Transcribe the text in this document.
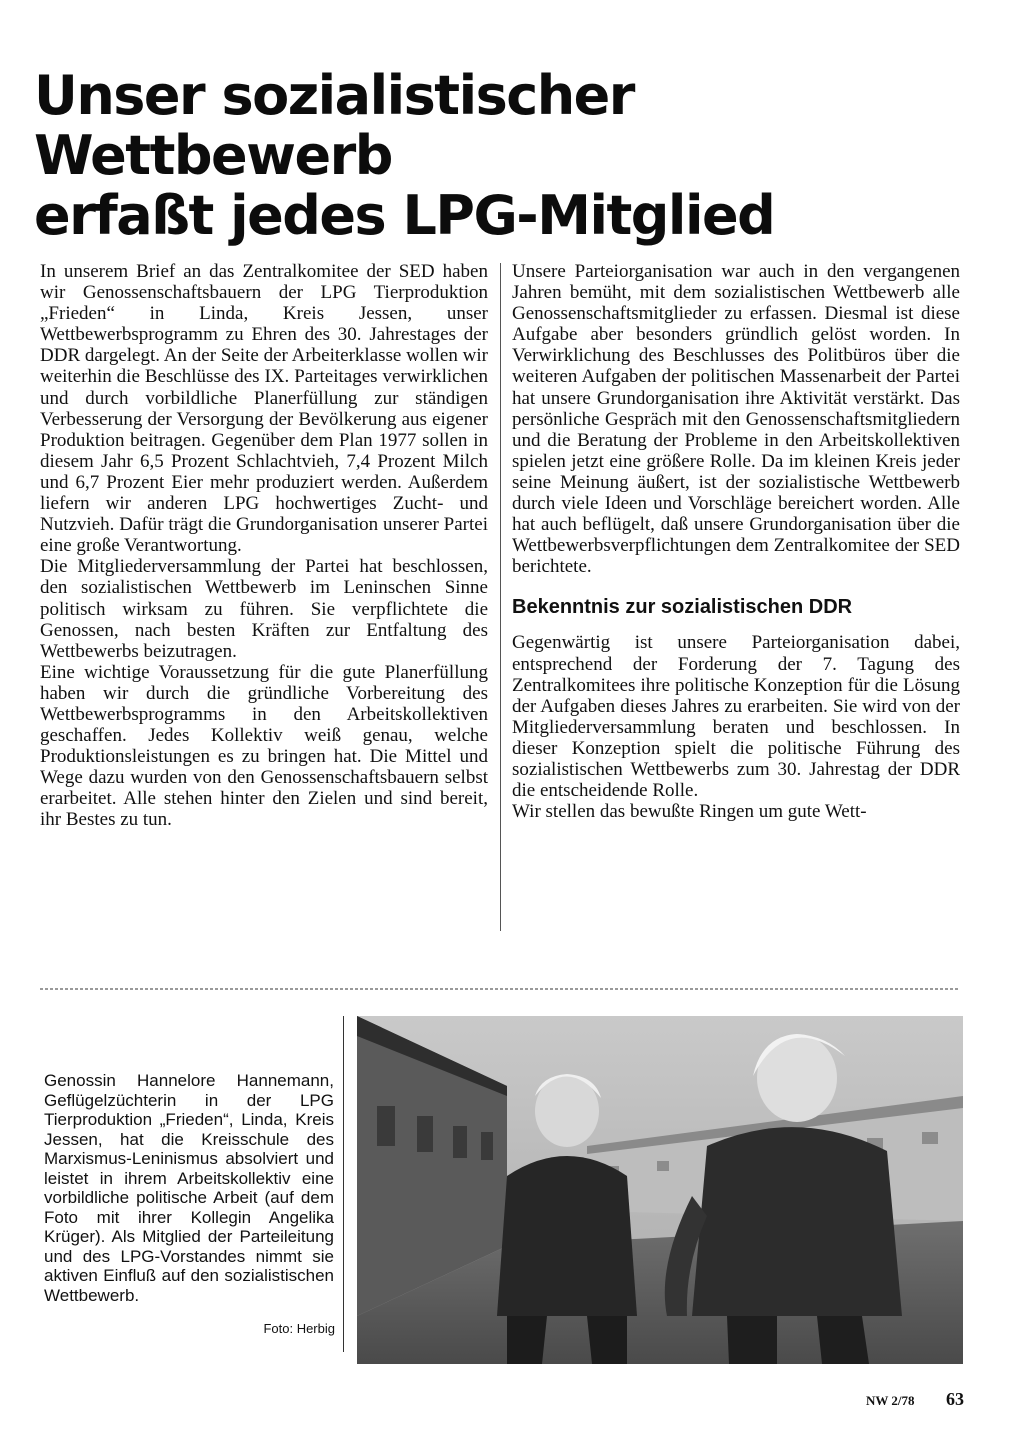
Unser sozialistischer Wettbewerb
erfaßt jedes LPG-Mitglied

In unserem Brief an das Zentralkomitee der SED haben wir Genossenschaftsbauern der LPG Tierproduktion „Frieden“ in Linda, Kreis Jessen, unser Wettbewerbsprogramm zu Ehren des 30. Jahrestages der DDR dargelegt. An der Seite der Arbeiterklasse wollen wir weiterhin die Beschlüsse des IX. Parteitages verwirklichen und durch vorbildliche Planerfüllung zur ständigen Verbesserung der Versorgung der Bevölkerung aus eigener Produktion beitragen. Gegenüber dem Plan 1977 sollen in diesem Jahr 6,5 Prozent Schlachtvieh, 7,4 Prozent Milch und 6,7 Prozent Eier mehr produziert werden. Außerdem liefern wir anderen LPG hochwertiges Zucht- und Nutzvieh. Dafür trägt die Grundorganisation unserer Partei eine große Verantwortung.

Die Mitgliederversammlung der Partei hat beschlossen, den sozialistischen Wettbewerb im Leninschen Sinne politisch wirksam zu führen. Sie verpflichtete die Genossen, nach besten Kräften zur Entfaltung des Wettbewerbs beizutragen.

Eine wichtige Voraussetzung für die gute Planerfüllung haben wir durch die gründliche Vorbereitung des Wettbewerbsprogramms in den Arbeitskollektiven geschaffen. Jedes Kollektiv weiß genau, welche Produktionsleistungen es zu bringen hat. Die Mittel und Wege dazu wurden von den Genossenschaftsbauern selbst erarbeitet. Alle stehen hinter den Zielen und sind bereit, ihr Bestes zu tun.

Unsere Parteiorganisation war auch in den vergangenen Jahren bemüht, mit dem sozialistischen Wettbewerb alle Genossenschaftsmitglieder zu erfassen. Diesmal ist diese Aufgabe aber besonders gründlich gelöst worden. In Verwirklichung des Beschlusses des Politbüros über die weiteren Aufgaben der politischen Massenarbeit der Partei hat unsere Grundorganisation ihre Aktivität verstärkt. Das persönliche Gespräch mit den Genossenschaftsmitgliedern und die Beratung der Probleme in den Arbeitskollektiven spielen jetzt eine größere Rolle. Da im kleinen Kreis jeder seine Meinung äußert, ist der sozialistische Wettbewerb durch viele Ideen und Vorschläge bereichert worden. Alle hat auch beflügelt, daß unsere Grundorganisation über die Wettbewerbsverpflichtungen dem Zentralkomitee der SED berichtete.

Bekenntnis zur sozialistischen DDR

Gegenwärtig ist unsere Parteiorganisation dabei, entsprechend der Forderung der 7. Tagung des Zentralkomitees ihre politische Konzeption für die Lösung der Aufgaben dieses Jahres zu erarbeiten. Sie wird von der Mitgliederversammlung beraten und beschlossen. In dieser Konzeption spielt die politische Führung des sozialistischen Wettbewerbs zum 30. Jahrestag der DDR die entscheidende Rolle.

Wir stellen das bewußte Ringen um gute Wett-

Genossin Hannelore Hannemann, Geflügelzüchterin in der LPG Tierproduktion „Frieden“, Linda, Kreis Jessen, hat die Kreisschule des Marxismus-Leninismus absolviert und leistet in ihrem Arbeitskollektiv eine vorbildliche politische Arbeit (auf dem Foto mit ihrer Kollegin Angelika Krüger). Als Mitglied der Parteileitung und des LPG-Vorstandes nimmt sie aktiven Einfluß auf den sozialistischen Wettbewerb.

Foto: Herbig
NW 2/78 63
